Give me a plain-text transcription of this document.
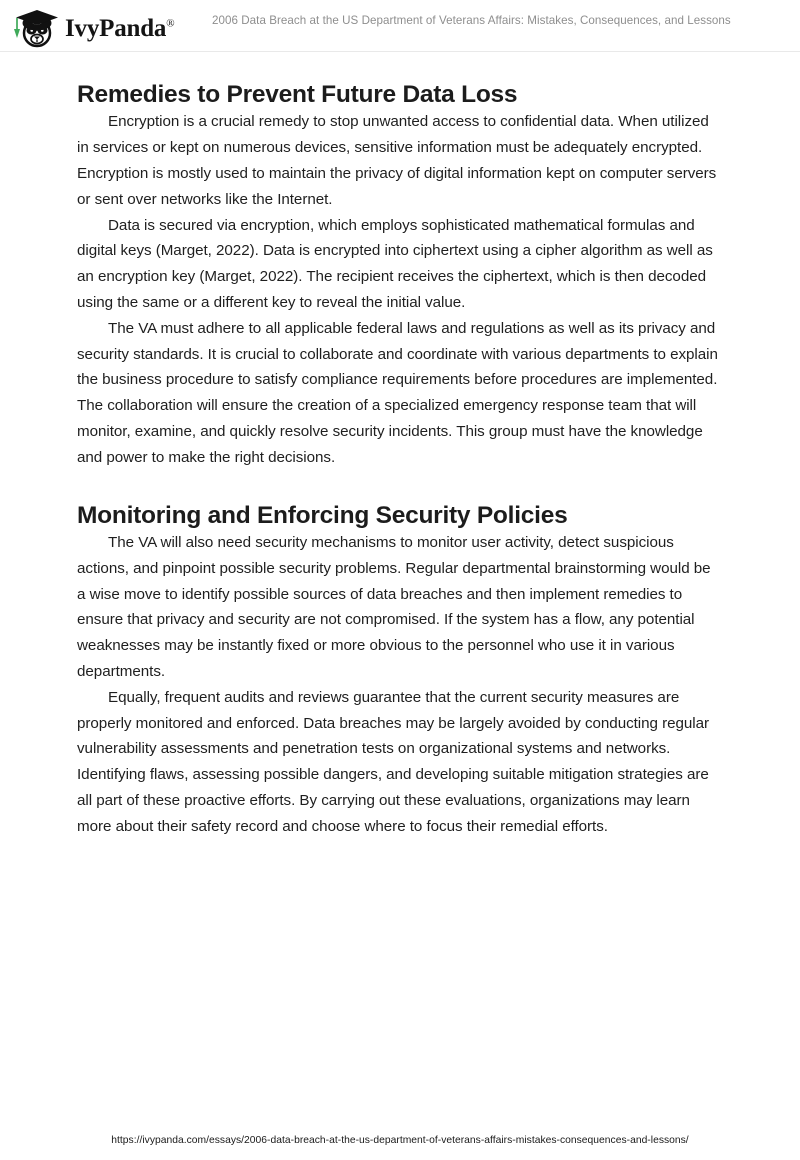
IvyPanda®	2006 Data Breach at the US Department of Veterans Affairs: Mistakes, Consequences, and Lessons
Remedies to Prevent Future Data Loss

Encryption is a crucial remedy to stop unwanted access to confidential data. When utilized in services or kept on numerous devices, sensitive information must be adequately encrypted. Encryption is mostly used to maintain the privacy of digital information kept on computer servers or sent over networks like the Internet.

Data is secured via encryption, which employs sophisticated mathematical formulas and digital keys (Marget, 2022). Data is encrypted into ciphertext using a cipher algorithm as well as an encryption key (Marget, 2022). The recipient receives the ciphertext, which is then decoded using the same or a different key to reveal the initial value.

The VA must adhere to all applicable federal laws and regulations as well as its privacy and security standards. It is crucial to collaborate and coordinate with various departments to explain the business procedure to satisfy compliance requirements before procedures are implemented. The collaboration will ensure the creation of a specialized emergency response team that will monitor, examine, and quickly resolve security incidents. This group must have the knowledge and power to make the right decisions.

Monitoring and Enforcing Security Policies

The VA will also need security mechanisms to monitor user activity, detect suspicious actions, and pinpoint possible security problems. Regular departmental brainstorming would be a wise move to identify possible sources of data breaches and then implement remedies to ensure that privacy and security are not compromised. If the system has a flow, any potential weaknesses may be instantly fixed or more obvious to the personnel who use it in various departments.

Equally, frequent audits and reviews guarantee that the current security measures are properly monitored and enforced. Data breaches may be largely avoided by conducting regular vulnerability assessments and penetration tests on organizational systems and networks. Identifying flaws, assessing possible dangers, and developing suitable mitigation strategies are all part of these proactive efforts. By carrying out these evaluations, organizations may learn more about their safety record and choose where to focus their remedial efforts.

https://ivypanda.com/essays/2006-data-breach-at-the-us-department-of-veterans-affairs-mistakes-consequences-and-lessons/
